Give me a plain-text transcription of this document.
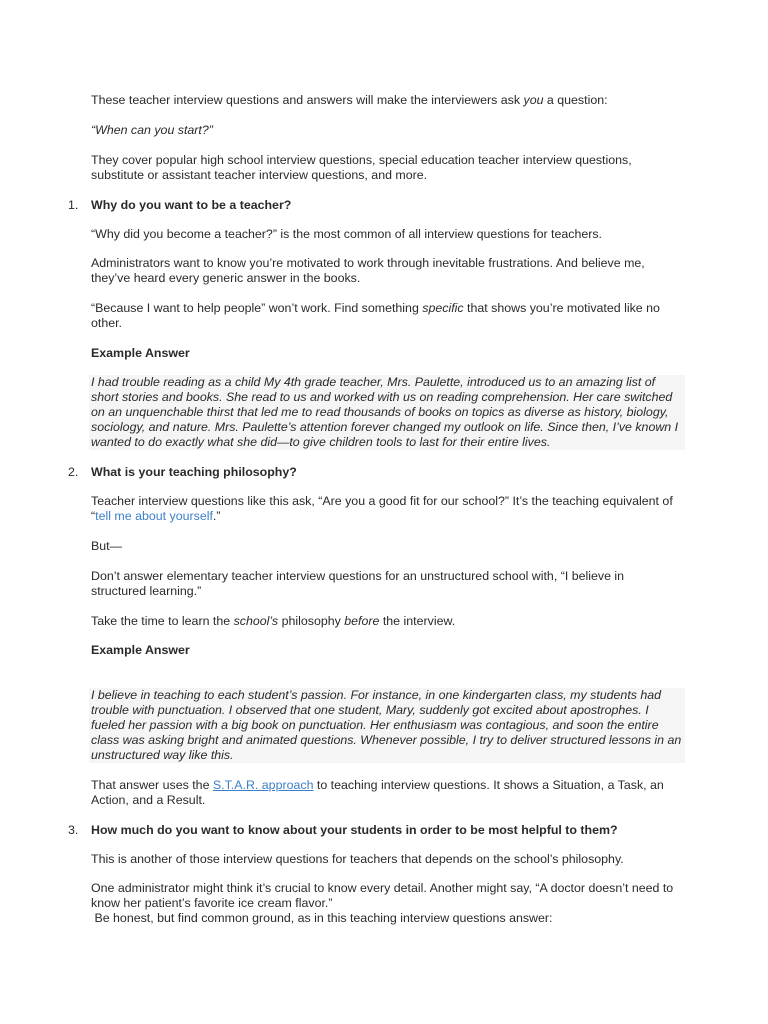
These teacher interview questions and answers will make the interviewers ask you a question:

“When can you start?”

They cover popular high school interview questions, special education teacher interview questions, substitute or assistant teacher interview questions, and more.

1. Why do you want to be a teacher?

“Why did you become a teacher?” is the most common of all interview questions for teachers.

Administrators want to know you’re motivated to work through inevitable frustrations. And believe me, they’ve heard every generic answer in the books.

“Because I want to help people” won’t work. Find something specific that shows you’re motivated like no other.

Example Answer

I had trouble reading as a child My 4th grade teacher, Mrs. Paulette, introduced us to an amazing list of short stories and books. She read to us and worked with us on reading comprehension. Her care switched on an unquenchable thirst that led me to read thousands of books on topics as diverse as history, biology, sociology, and nature. Mrs. Paulette’s attention forever changed my outlook on life. Since then, I’ve known I wanted to do exactly what she did—to give children tools to last for their entire lives.

2. What is your teaching philosophy?

Teacher interview questions like this ask, “Are you a good fit for our school?” It’s the teaching equivalent of “tell me about yourself.”

But—

Don’t answer elementary teacher interview questions for an unstructured school with, “I believe in structured learning.”

Take the time to learn the school’s philosophy before the interview.

Example Answer

I believe in teaching to each student’s passion. For instance, in one kindergarten class, my students had trouble with punctuation. I observed that one student, Mary, suddenly got excited about apostrophes. I fueled her passion with a big book on punctuation. Her enthusiasm was contagious, and soon the entire class was asking bright and animated questions. Whenever possible, I try to deliver structured lessons in an unstructured way like this.

That answer uses the S.T.A.R. approach to teaching interview questions. It shows a Situation, a Task, an Action, and a Result.

3. How much do you want to know about your students in order to be most helpful to them?

This is another of those interview questions for teachers that depends on the school’s philosophy.

One administrator might think it’s crucial to know every detail. Another might say, “A doctor doesn’t need to know her patient’s favorite ice cream flavor.”

Be honest, but find common ground, as in this teaching interview questions answer:
